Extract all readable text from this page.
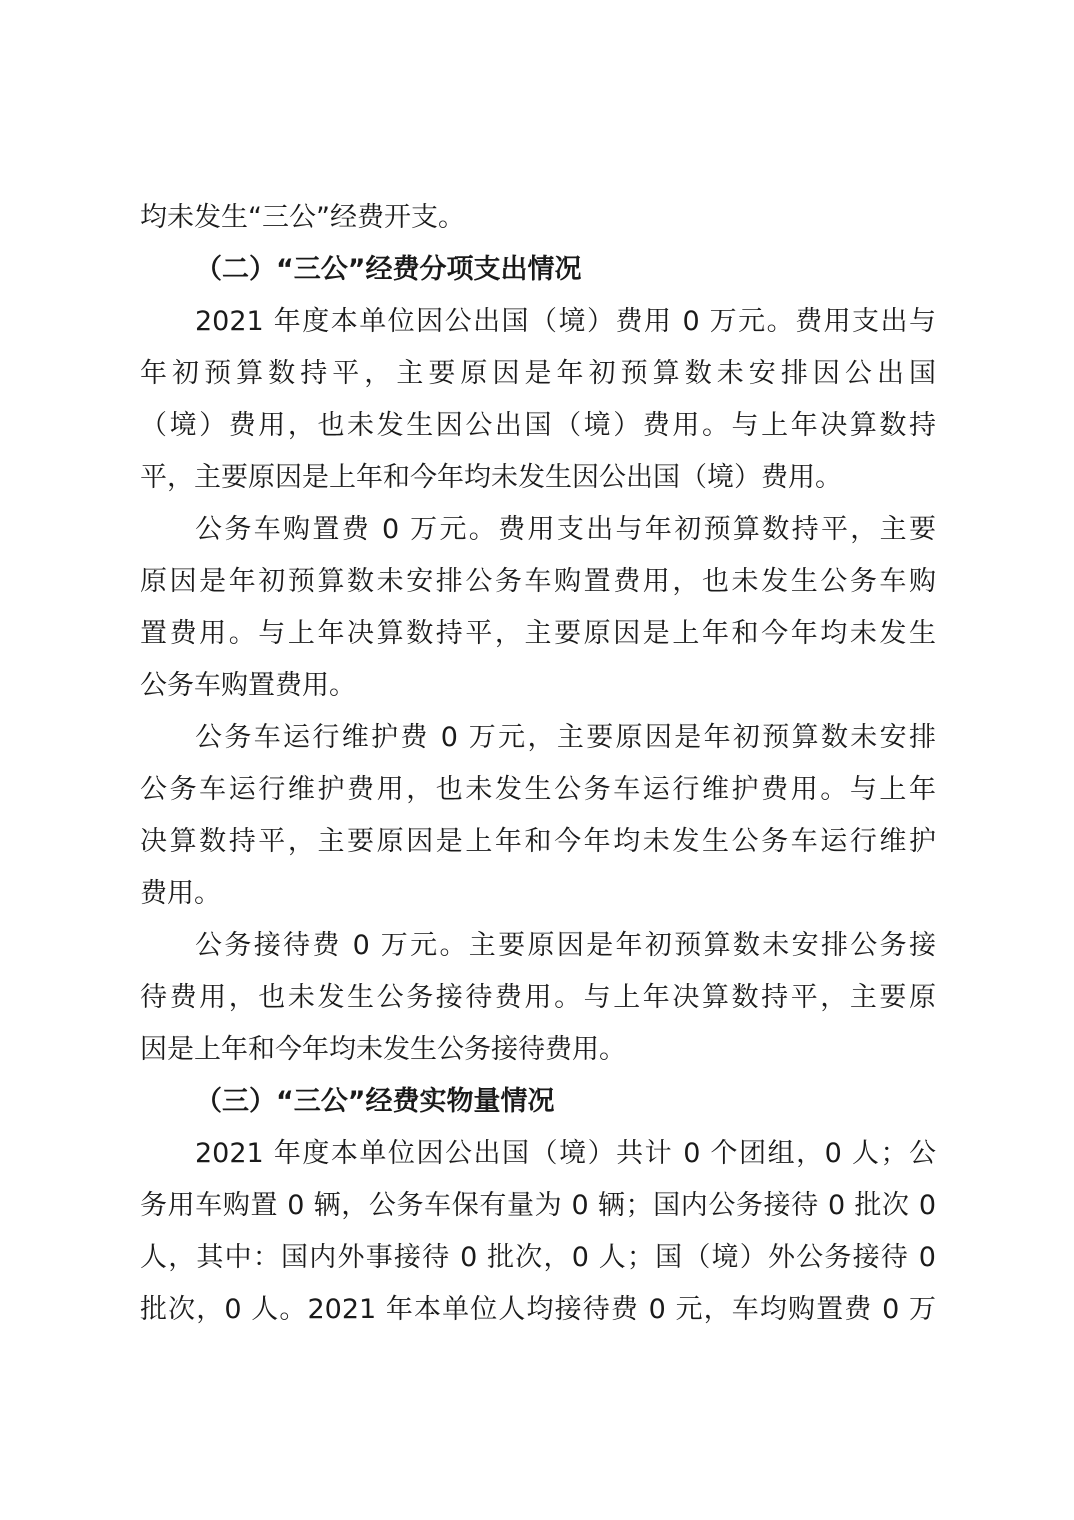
均未发生“三公”经费开支。
（二）“三公”经费分项支出情况
2021 年度本单位因公出国（境）费用 0 万元。费用支出与
年初预算数持平，主要原因是年初预算数未安排因公出国
（境）费用，也未发生因公出国（境）费用。与上年决算数持
平，主要原因是上年和今年均未发生因公出国（境）费用。
公务车购置费 0 万元。费用支出与年初预算数持平，主要
原因是年初预算数未安排公务车购置费用，也未发生公务车购
置费用。与上年决算数持平，主要原因是上年和今年均未发生
公务车购置费用。
公务车运行维护费 0 万元，主要原因是年初预算数未安排
公务车运行维护费用，也未发生公务车运行维护费用。与上年
决算数持平，主要原因是上年和今年均未发生公务车运行维护
费用。
公务接待费 0 万元。主要原因是年初预算数未安排公务接
待费用，也未发生公务接待费用。与上年决算数持平，主要原
因是上年和今年均未发生公务接待费用。
（三）“三公”经费实物量情况
2021 年度本单位因公出国（境）共计 0 个团组，0 人；公
务用车购置 0 辆，公务车保有量为 0 辆；国内公务接待 0 批次 0
人，其中：国内外事接待 0 批次，0 人；国（境）外公务接待 0
批次，0 人。2021 年本单位人均接待费 0 元，车均购置费 0 万
